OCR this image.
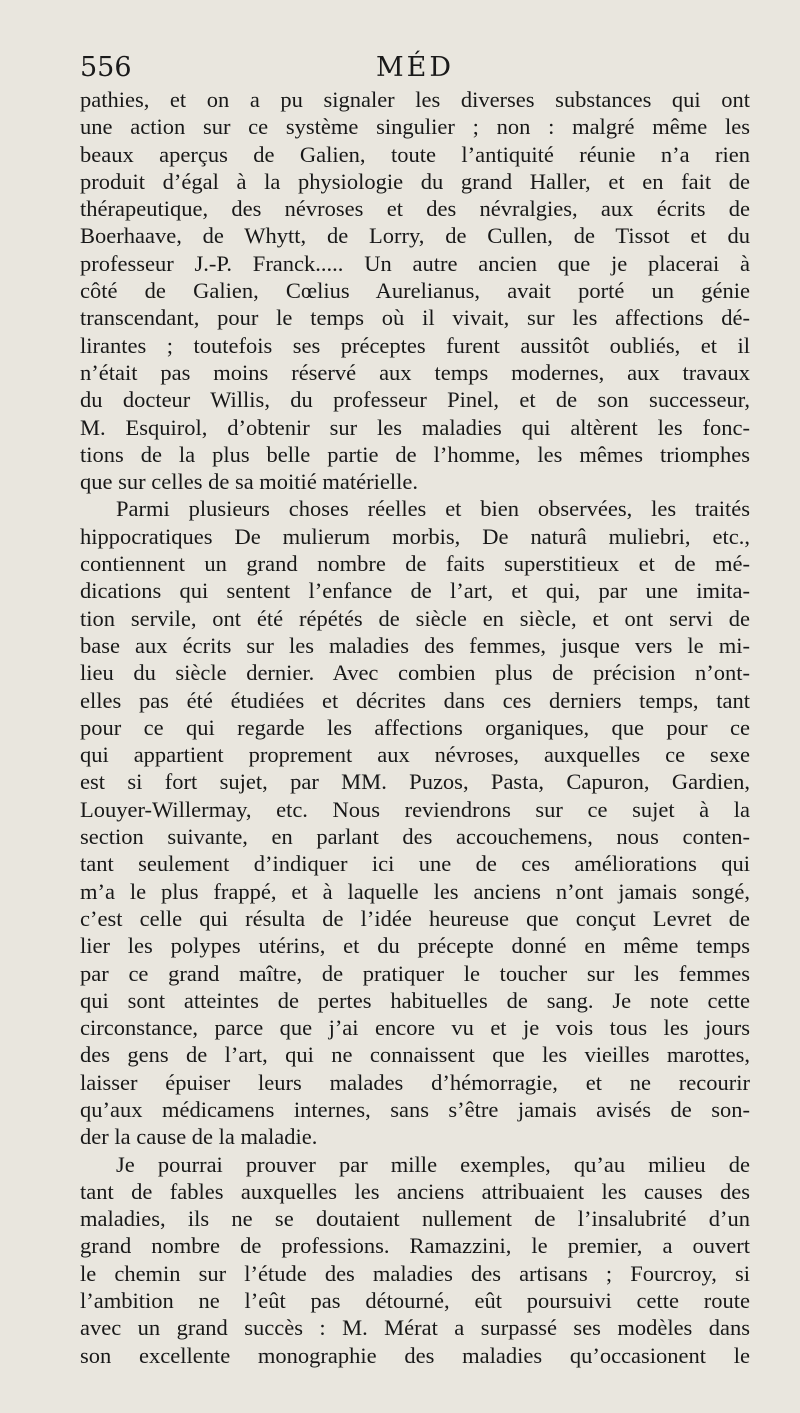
556	MÉD
pathies, et on a pu signaler les diverses substances qui ont
une action sur ce système singulier ; non : malgré même les
beaux aperçus de Galien, toute l’antiquité réunie n’a rien
produit d’égal à la physiologie du grand Haller, et en fait de
thérapeutique, des névroses et des névralgies, aux écrits de
Boerhaave, de Whytt, de Lorry, de Cullen, de Tissot et du
professeur J.-P. Franck..... Un autre ancien que je placerai à
côté de Galien, Cœlius Aurelianus, avait porté un génie
transcendant, pour le temps où il vivait, sur les affections dé-
lirantes ; toutefois ses préceptes furent aussitôt oubliés, et il
n’était pas moins réservé aux temps modernes, aux travaux
du docteur Willis, du professeur Pinel, et de son successeur,
M. Esquirol, d’obtenir sur les maladies qui altèrent les fonc-
tions de la plus belle partie de l’homme, les mêmes triomphes
que sur celles de sa moitié matérielle.
Parmi plusieurs choses réelles et bien observées, les traités
hippocratiques De mulierum morbis, De naturâ muliebri, etc.,
contiennent un grand nombre de faits superstitieux et de mé-
dications qui sentent l’enfance de l’art, et qui, par une imita-
tion servile, ont été répétés de siècle en siècle, et ont servi de
base aux écrits sur les maladies des femmes, jusque vers le mi-
lieu du siècle dernier. Avec combien plus de précision n’ont-
elles pas été étudiées et décrites dans ces derniers temps, tant
pour ce qui regarde les affections organiques, que pour ce
qui appartient proprement aux névroses, auxquelles ce sexe
est si fort sujet, par MM. Puzos, Pasta, Capuron, Gardien,
Louyer-Willermay, etc. Nous reviendrons sur ce sujet à la
section suivante, en parlant des accouchemens, nous conten-
tant seulement d’indiquer ici une de ces améliorations qui
m’a le plus frappé, et à laquelle les anciens n’ont jamais songé,
c’est celle qui résulta de l’idée heureuse que conçut Levret de
lier les polypes utérins, et du précepte donné en même temps
par ce grand maître, de pratiquer le toucher sur les femmes
qui sont atteintes de pertes habituelles de sang. Je note cette
circonstance, parce que j’ai encore vu et je vois tous les jours
des gens de l’art, qui ne connaissent que les vieilles marottes,
laisser épuiser leurs malades d’hémorragie, et ne recourir
qu’aux médicamens internes, sans s’être jamais avisés de son-
der la cause de la maladie.
Je pourrai prouver par mille exemples, qu’au milieu de
tant de fables auxquelles les anciens attribuaient les causes des
maladies, ils ne se doutaient nullement de l’insalubrité d’un
grand nombre de professions. Ramazzini, le premier, a ouvert
le chemin sur l’étude des maladies des artisans ; Fourcroy, si
l’ambition ne l’eût pas détourné, eût poursuivi cette route
avec un grand succès : M. Mérat a surpassé ses modèles dans
son excellente monographie des maladies qu’occasionent le
